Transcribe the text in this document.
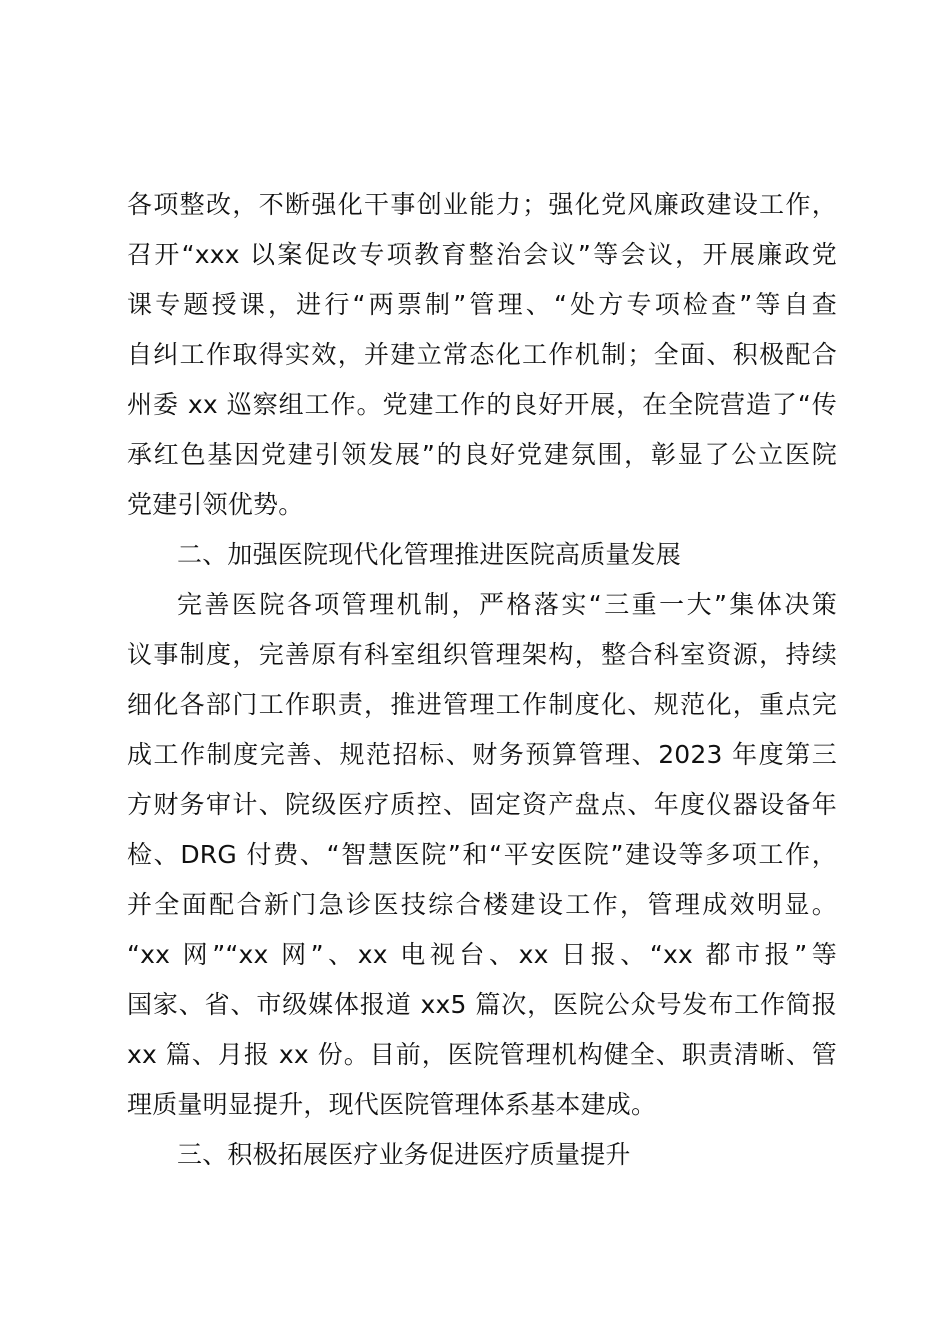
各项整改，不断强化干事创业能力；强化党风廉政建设工作，
召开“xxx 以案促改专项教育整治会议”等会议，开展廉政党
课专题授课，进行“两票制”管理、“处方专项检查”等自查
自纠工作取得实效，并建立常态化工作机制；全面、积极配合
州委 xx 巡察组工作。党建工作的良好开展，在全院营造了“传
承红色基因党建引领发展”的良好党建氛围，彰显了公立医院
党建引领优势。
二、加强医院现代化管理推进医院高质量发展
完善医院各项管理机制，严格落实“三重一大”集体决策
议事制度，完善原有科室组织管理架构，整合科室资源，持续
细化各部门工作职责，推进管理工作制度化、规范化，重点完
成工作制度完善、规范招标、财务预算管理、2023 年度第三
方财务审计、院级医疗质控、固定资产盘点、年度仪器设备年
检、DRG 付费、“智慧医院”和“平安医院”建设等多项工作，
并全面配合新门急诊医技综合楼建设工作，管理成效明显。
“xx 网”“xx 网”、xx 电视台、xx 日报、“xx 都市报”等
国家、省、市级媒体报道 xx5 篇次，医院公众号发布工作简报
xx 篇、月报 xx 份。目前，医院管理机构健全、职责清晰、管
理质量明显提升，现代医院管理体系基本建成。
三、积极拓展医疗业务促进医疗质量提升
